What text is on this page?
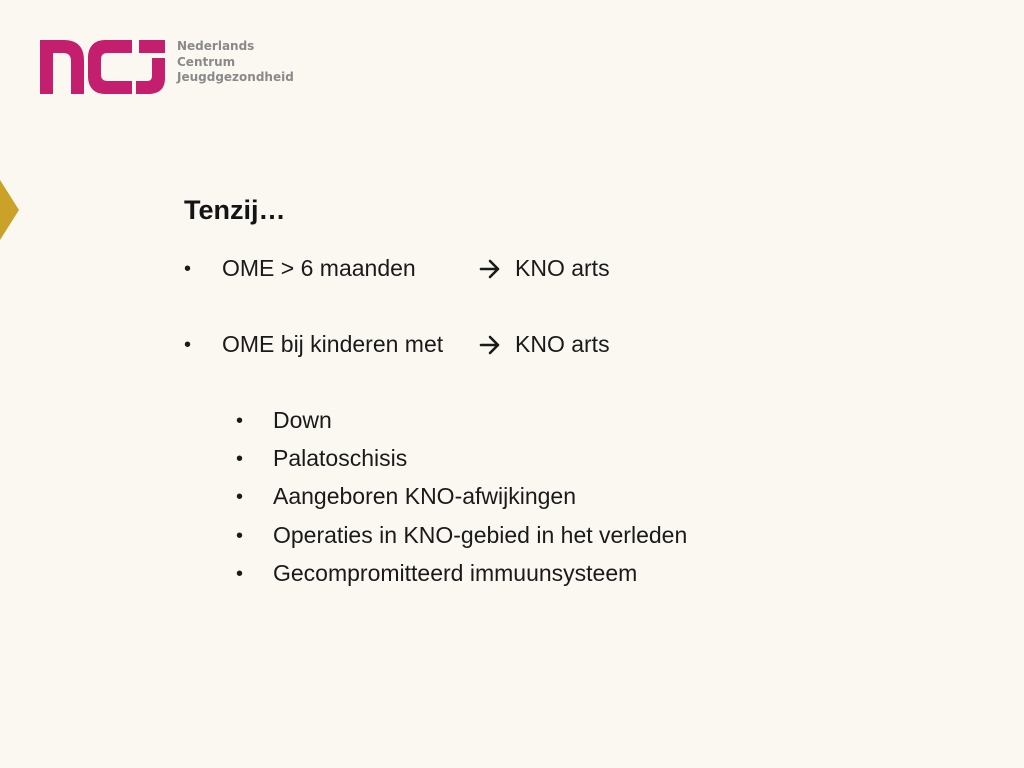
Nederlands
Centrum
Jeugdgezondheid
Tenzij…
• OME > 6 maanden	KNO arts
• OME bij kinderen met	KNO arts
• Down
• Palatoschisis
• Aangeboren KNO-afwijkingen
• Operaties in KNO-gebied in het verleden
• Gecompromitteerd immuunsysteem
